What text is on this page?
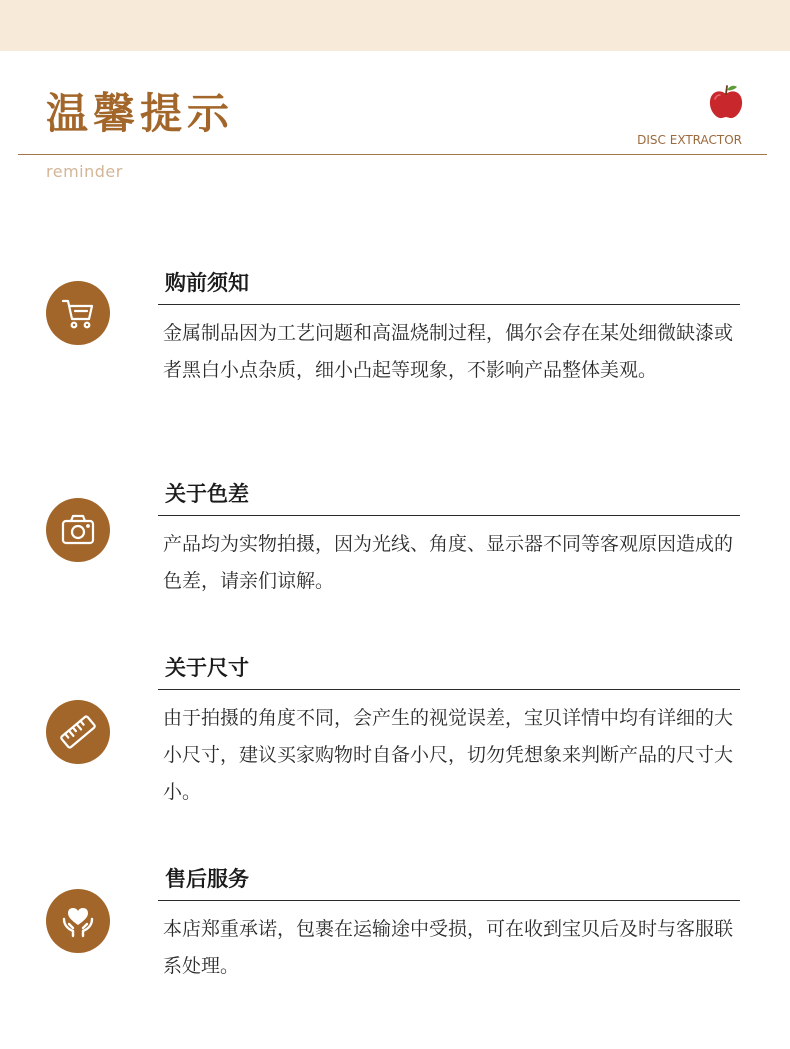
温馨提示
DISC EXTRACTOR
reminder
购前须知

金属制品因为工艺问题和高温烧制过程，偶尔会存在某处细微缺漆或者黑白小点杂质，细小凸起等现象，不影响产品整体美观。

关于色差

产品均为实物拍摄，因为光线、角度、显示器不同等客观原因造成的色差，请亲们谅解。

关于尺寸

由于拍摄的角度不同，会产生的视觉误差，宝贝详情中均有详细的大小尺寸，建议买家购物时自备小尺，切勿凭想象来判断产品的尺寸大小。

售后服务

本店郑重承诺，包裹在运输途中受损，可在收到宝贝后及时与客服联系处理。
